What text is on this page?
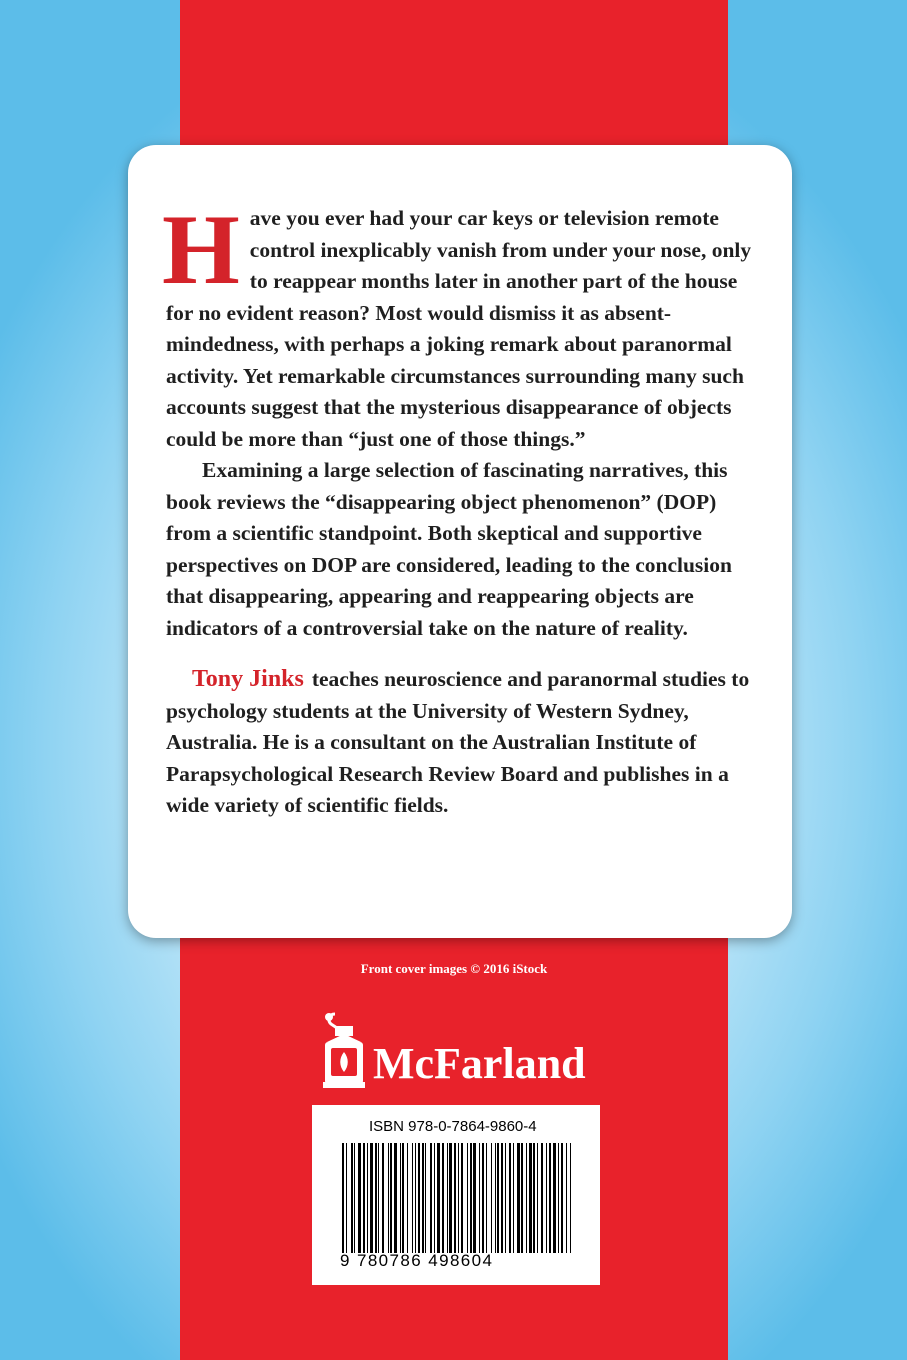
Have you ever had your car keys or television remote control inexplicably vanish from under your nose, only to reappear months later in another part of the house for no evident reason? Most would dismiss it as absent-mindedness, with perhaps a joking remark about paranormal activity. Yet remarkable circumstances surrounding many such accounts suggest that the mysterious disappearance of objects could be more than “just one of those things.”

Examining a large selection of fascinating narratives, this book reviews the “disappearing object phenomenon” (DOP) from a scientific standpoint. Both skeptical and supportive perspectives on DOP are considered, leading to the conclusion that disappearing, appearing and reappearing objects are indicators of a controversial take on the nature of reality.

Tony Jinks teaches neuroscience and paranormal studies to psychology students at the University of Western Sydney, Australia. He is a consultant on the Australian Institute of Parapsychological Research Review Board and publishes in a wide variety of scientific fields.

Front cover images © 2016 iStock
McFarland
ISBN 978-0-7864-9860-4
9 780786 498604
